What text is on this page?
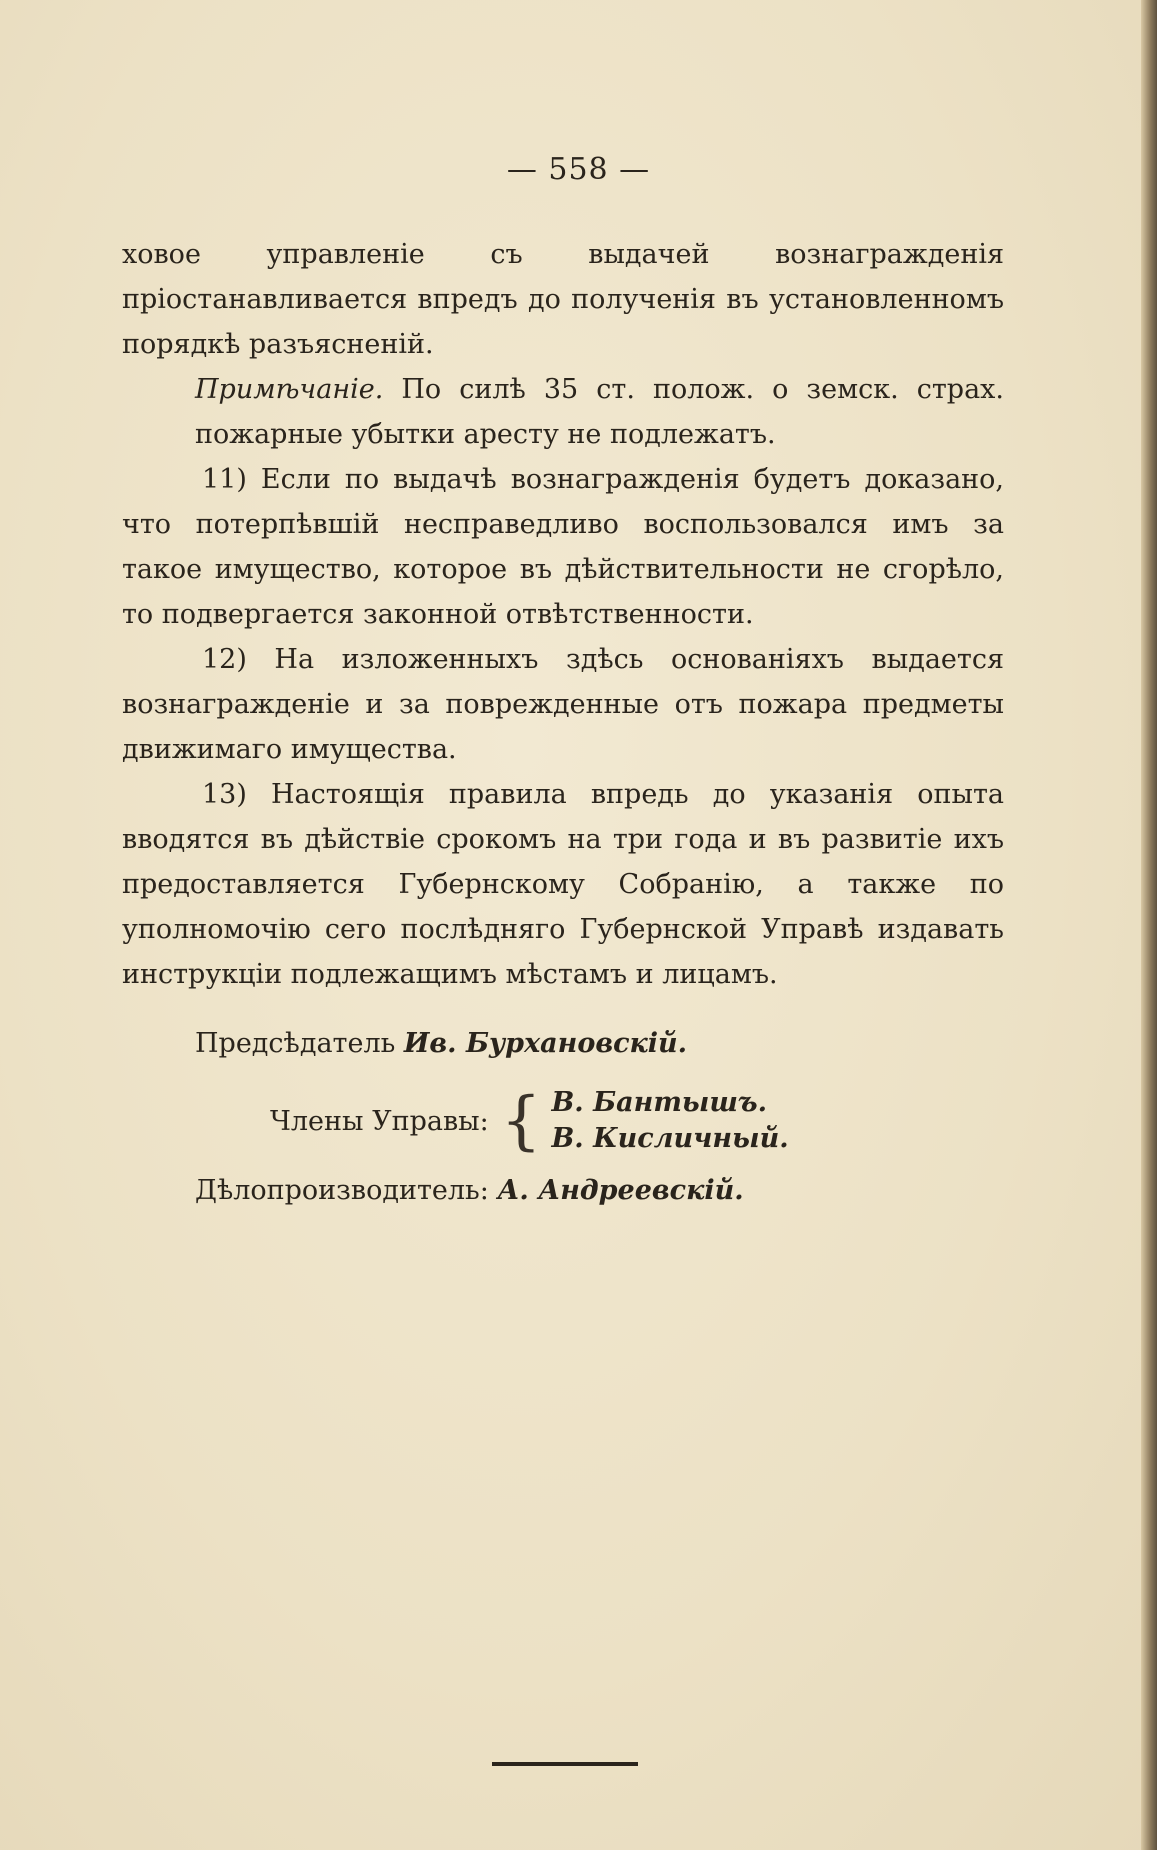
— 558 —

ховое управленіе съ выдачей вознагражденія пріостанавливается впредъ до полученія въ установленномъ порядкѣ разъясненій.

Примѣчаніе. По силѣ 35 ст. полож. о земск. страх. пожарные убытки аресту не подлежатъ.

11) Если по выдачѣ вознагражденія будетъ доказано, что потерпѣвшій несправедливо воспользовался имъ за такое имущество, которое въ дѣйствительности не сгорѣло, то подвергается законной отвѣтственности.

12) На изложенныхъ здѣсь основаніяхъ выдается вознагражденіе и за поврежденные отъ пожара предметы движимаго имущества.

13) Настоящія правила впредь до указанія опыта вводятся въ дѣйствіе срокомъ на три года и въ развитіе ихъ предоставляется Губернскому Собранію, а также по уполномочію сего послѣдняго Губернской Управѣ издавать инструкціи подлежащимъ мѣстамъ и лицамъ.

Предсѣдатель Ив. Бурхановскій.
Члены Управы: { В. Бантышъ.
В. Кисличный.
Дѣлопроизводитель: А. Андреевскій.
